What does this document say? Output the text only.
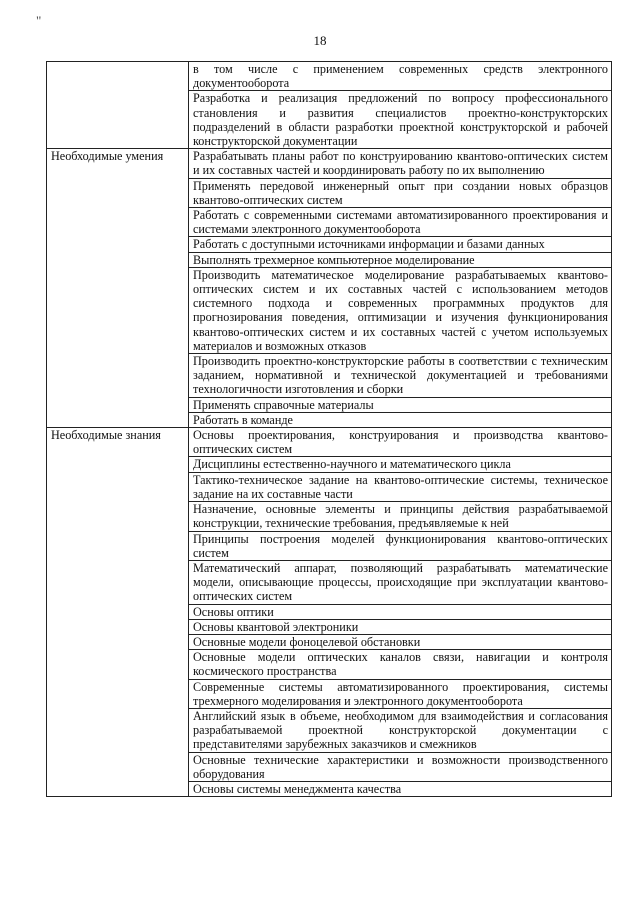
"
18
	в том числе с применением современных средств электронного документооборота
	Разработка и реализация предложений по вопросу профессионального становления и развития специалистов проектно-конструкторских подразделений в области разработки проектной конструкторской и рабочей конструкторской документации
Необходимые умения	Разрабатывать планы работ по конструированию квантово-оптических систем и их составных частей и координировать работу по их выполнению
	Применять передовой инженерный опыт при создании новых образцов квантово-оптических систем
	Работать с современными системами автоматизированного проектирования и системами электронного документооборота
	Работать с доступными источниками информации и базами данных
	Выполнять трехмерное компьютерное моделирование
	Производить математическое моделирование разрабатываемых квантово-оптических систем и их составных частей с использованием методов системного подхода и современных программных продуктов для прогнозирования поведения, оптимизации и изучения функционирования квантово-оптических систем и их составных частей с учетом используемых материалов и возможных отказов
	Производить проектно-конструкторские работы в соответствии с техническим заданием, нормативной и технической документацией и требованиями технологичности изготовления и сборки
	Применять справочные материалы
	Работать в команде
Необходимые знания	Основы проектирования, конструирования и производства квантово-оптических систем
	Дисциплины естественно-научного и математического цикла
	Тактико-техническое задание на квантово-оптические системы, техническое задание на их составные части
	Назначение, основные элементы и принципы действия разрабатываемой конструкции, технические требования, предъявляемые к ней
	Принципы построения моделей функционирования квантово-оптических систем
	Математический аппарат, позволяющий разрабатывать математические модели, описывающие процессы, происходящие при эксплуатации квантово-оптических систем
	Основы оптики
	Основы квантовой электроники
	Основные модели фоноцелевой обстановки
	Основные модели оптических каналов связи, навигации и контроля космического пространства
	Современные системы автоматизированного проектирования, системы трехмерного моделирования и электронного документооборота
	Английский язык в объеме, необходимом для взаимодействия и согласования разрабатываемой проектной конструкторской документации с представителями зарубежных заказчиков и смежников
	Основные технические характеристики и возможности производственного оборудования
	Основы системы менеджмента качества
